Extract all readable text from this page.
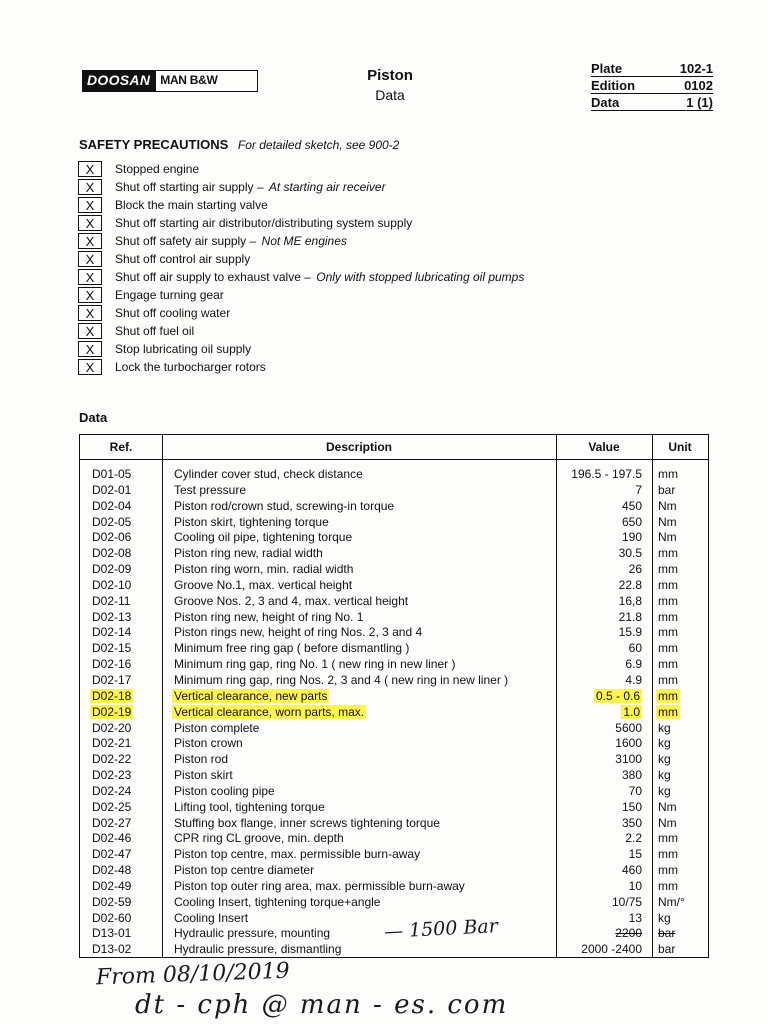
DOOSAN MAN B&W	Piston
Data
Plate	102-1
Edition	0102
Data	1 (1)
SAFETY PRECAUTIONS For detailed sketch, see 900-2
X	Stopped engine
X	Shut off starting air supply – At starting air receiver
X	Block the main starting valve
X	Shut off starting air distributor/distributing system supply
X	Shut off safety air supply – Not ME engines
X	Shut off control air supply
X	Shut off air supply to exhaust valve – Only with stopped lubricating oil pumps
X	Engage turning gear
X	Shut off cooling water
X	Shut off fuel oil
X	Stop lubricating oil supply
X	Lock the turbocharger rotors
Data
Ref.	Description	Value	Unit
D01-05	Cylinder cover stud, check distance	196.5 - 197.5	mm
D02-01	Test pressure	7	bar
D02-04	Piston rod/crown stud, screwing-in torque	450	Nm
D02-05	Piston skirt, tightening torque	650	Nm
D02-06	Cooling oil pipe, tightening torque	190	Nm
D02-08	Piston ring new, radial width	30.5	mm
D02-09	Piston ring worn, min. radial width	26	mm
D02-10	Groove No.1, max. vertical height	22.8	mm
D02-11	Groove Nos. 2, 3 and 4, max. vertical height	16,8	mm
D02-13	Piston ring new, height of ring No. 1	21.8	mm
D02-14	Piston rings new, height of ring Nos. 2, 3 and 4	15.9	mm
D02-15	Minimum free ring gap ( before dismantling )	60	mm
D02-16	Minimum ring gap, ring No. 1 ( new ring in new liner )	6.9	mm
D02-17	Minimum ring gap, ring Nos. 2, 3 and 4 ( new ring in new liner )	4.9	mm
D02-18	Vertical clearance, new parts	0.5 - 0.6	mm
D02-19	Vertical clearance, worn parts, max.	1.0	mm
D02-20	Piston complete	5600	kg
D02-21	Piston crown	1600	kg
D02-22	Piston rod	3100	kg
D02-23	Piston skirt	380	kg
D02-24	Piston cooling pipe	70	kg
D02-25	Lifting tool, tightening torque	150	Nm
D02-27	Stuffing box flange, inner screws tightening torque	350	Nm
D02-46	CPR ring CL groove, min. depth	2.2	mm
D02-47	Piston top centre, max. permissible burn-away	15	mm
D02-48	Piston top centre diameter	460	mm
D02-49	Piston top outer ring area, max. permissible burn-away	10	mm
D02-59	Cooling Insert, tightening torque+angle	10/75	Nm/°
D02-60	Cooling Insert	13	kg
D13-01	Hydraulic pressure, mounting	2200	bar
D13-02	Hydraulic pressure, dismantling	2000 -2400	bar
— 1500 Bar
From 08/10/2019
dt - cph @ man - es. com
